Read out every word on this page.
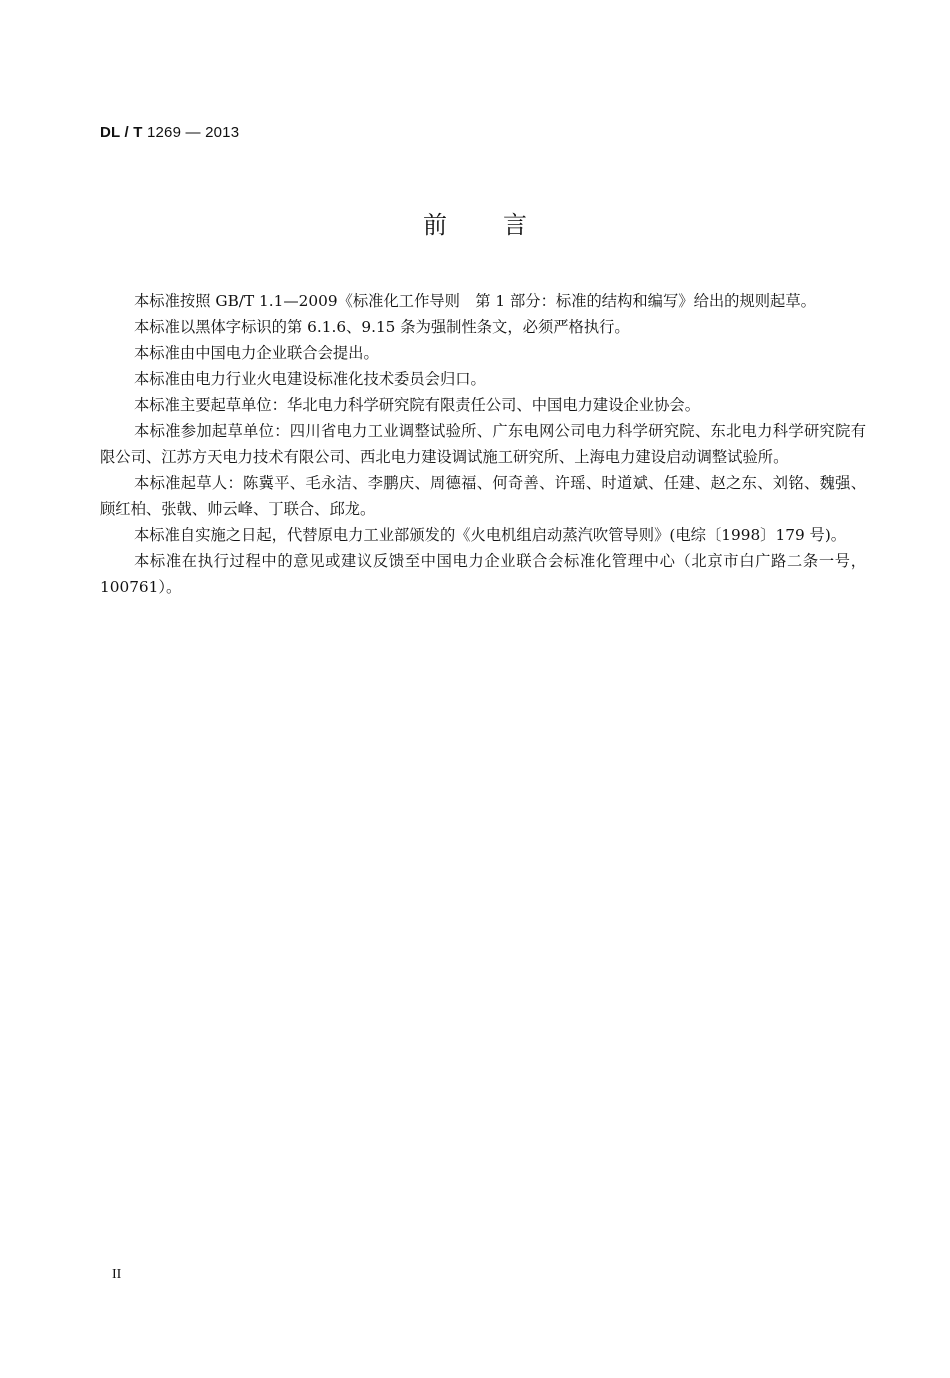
DL / T 1269 — 2013
前 言

本标准按照 GB/T 1.1—2009《标准化工作导则　第 1 部分：标准的结构和编写》给出的规则起草。

本标准以黑体字标识的第 6.1.6、9.15 条为强制性条文，必须严格执行。

本标准由中国电力企业联合会提出。

本标准由电力行业火电建设标准化技术委员会归口。

本标准主要起草单位：华北电力科学研究院有限责任公司、中国电力建设企业协会。

本标准参加起草单位：四川省电力工业调整试验所、广东电网公司电力科学研究院、东北电力科学研究院有限公司、江苏方天电力技术有限公司、西北电力建设调试施工研究所、上海电力建设启动调整试验所。

本标准起草人：陈冀平、毛永洁、李鹏庆、周德福、何奇善、许瑶、时道斌、任建、赵之东、刘铭、魏强、顾红柏、张戟、帅云峰、丁联合、邱龙。

本标准自实施之日起，代替原电力工业部颁发的《火电机组启动蒸汽吹管导则》(电综〔1998〕179 号)。

本标准在执行过程中的意见或建议反馈至中国电力企业联合会标准化管理中心（北京市白广路二条一号，100761）。

II
